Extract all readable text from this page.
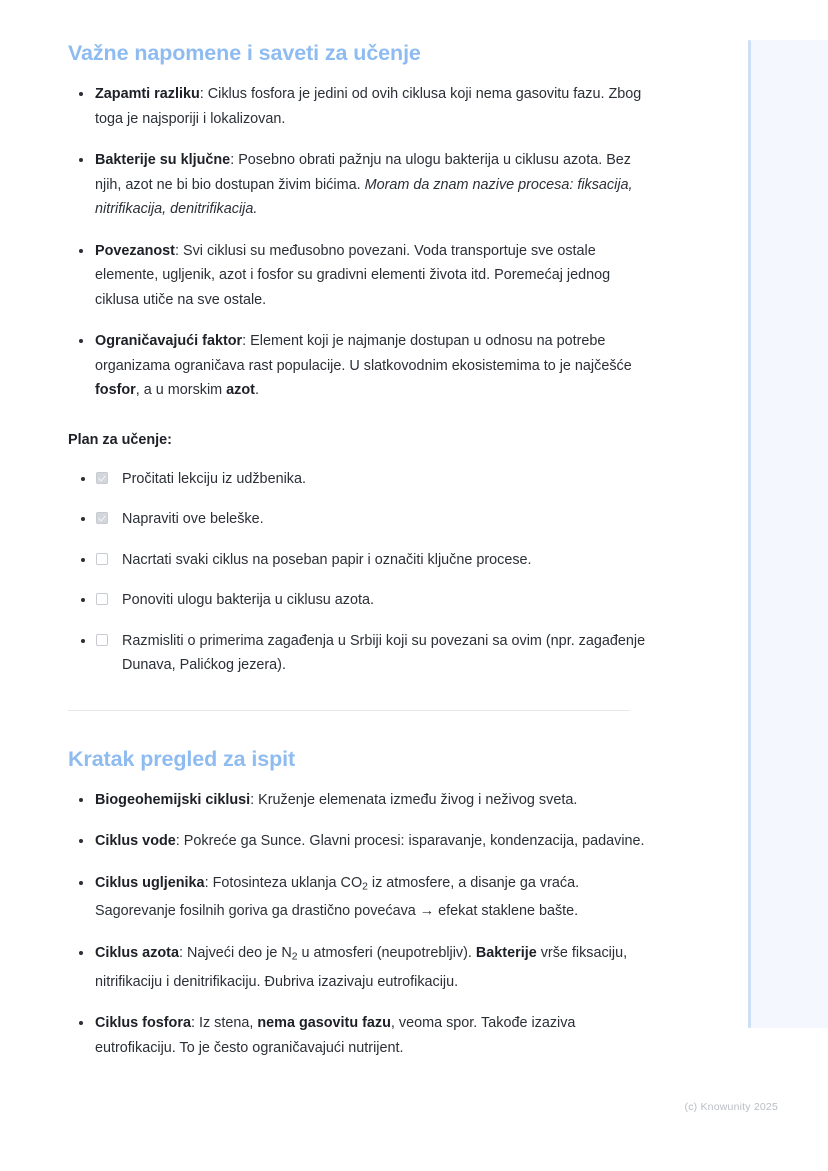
Važne napomene i saveti za učenje
Zapamti razliku: Ciklus fosfora je jedini od ovih ciklusa koji nema gasovitu fazu. Zbog toga je najsporiji i lokalizovan.
Bakterije su ključne: Posebno obrati pažnju na ulogu bakterija u ciklusu azota. Bez njih, azot ne bi bio dostupan živim bićima. Moram da znam nazive procesa: fiksacija, nitrifikacija, denitrifikacija.
Povezanost: Svi ciklusi su međusobno povezani. Voda transportuje sve ostale elemente, ugljenik, azot i fosfor su gradivni elementi života itd. Poremećaj jednog ciklusa utiče na sve ostale.
Ograničavajući faktor: Element koji je najmanje dostupan u odnosu na potrebe organizama ograničava rast populacije. U slatkovodnim ekosistemima to je najčešće fosfor, a u morskim azot.
Plan za učenje:
Pročitati lekciju iz udžbenika.
Napraviti ove beleške.
Nacrtati svaki ciklus na poseban papir i označiti ključne procese.
Ponoviti ulogu bakterija u ciklusu azota.
Razmisliti o primerima zagađenja u Srbiji koji su povezani sa ovim (npr. zagađenje Dunava, Palićkog jezera).
Kratak pregled za ispit
Biogeohemijski ciklusi: Kruženje elemenata između živog i neživog sveta.
Ciklus vode: Pokreće ga Sunce. Glavni procesi: isparavanje, kondenzacija, padavine.
Ciklus ugljenika: Fotosinteza uklanja $CO_2$ iz atmosfere, a disanje ga vraća. Sagorevanje fosilnih goriva ga drastično povećava → efekat staklene bašte.
Ciklus azota: Najveći deo je $N_2$ u atmosferi (neupotrebljiv). Bakterije vrše fiksaciju, nitrifikaciju i denitrifikaciju. Đubriva izazivaju eutrofikaciju.
Ciklus fosfora: Iz stena, nema gasovitu fazu, veoma spor. Takođe izaziva eutrofikaciju. To je često ograničavajući nutrijent.
(c) Knowunity 2025
